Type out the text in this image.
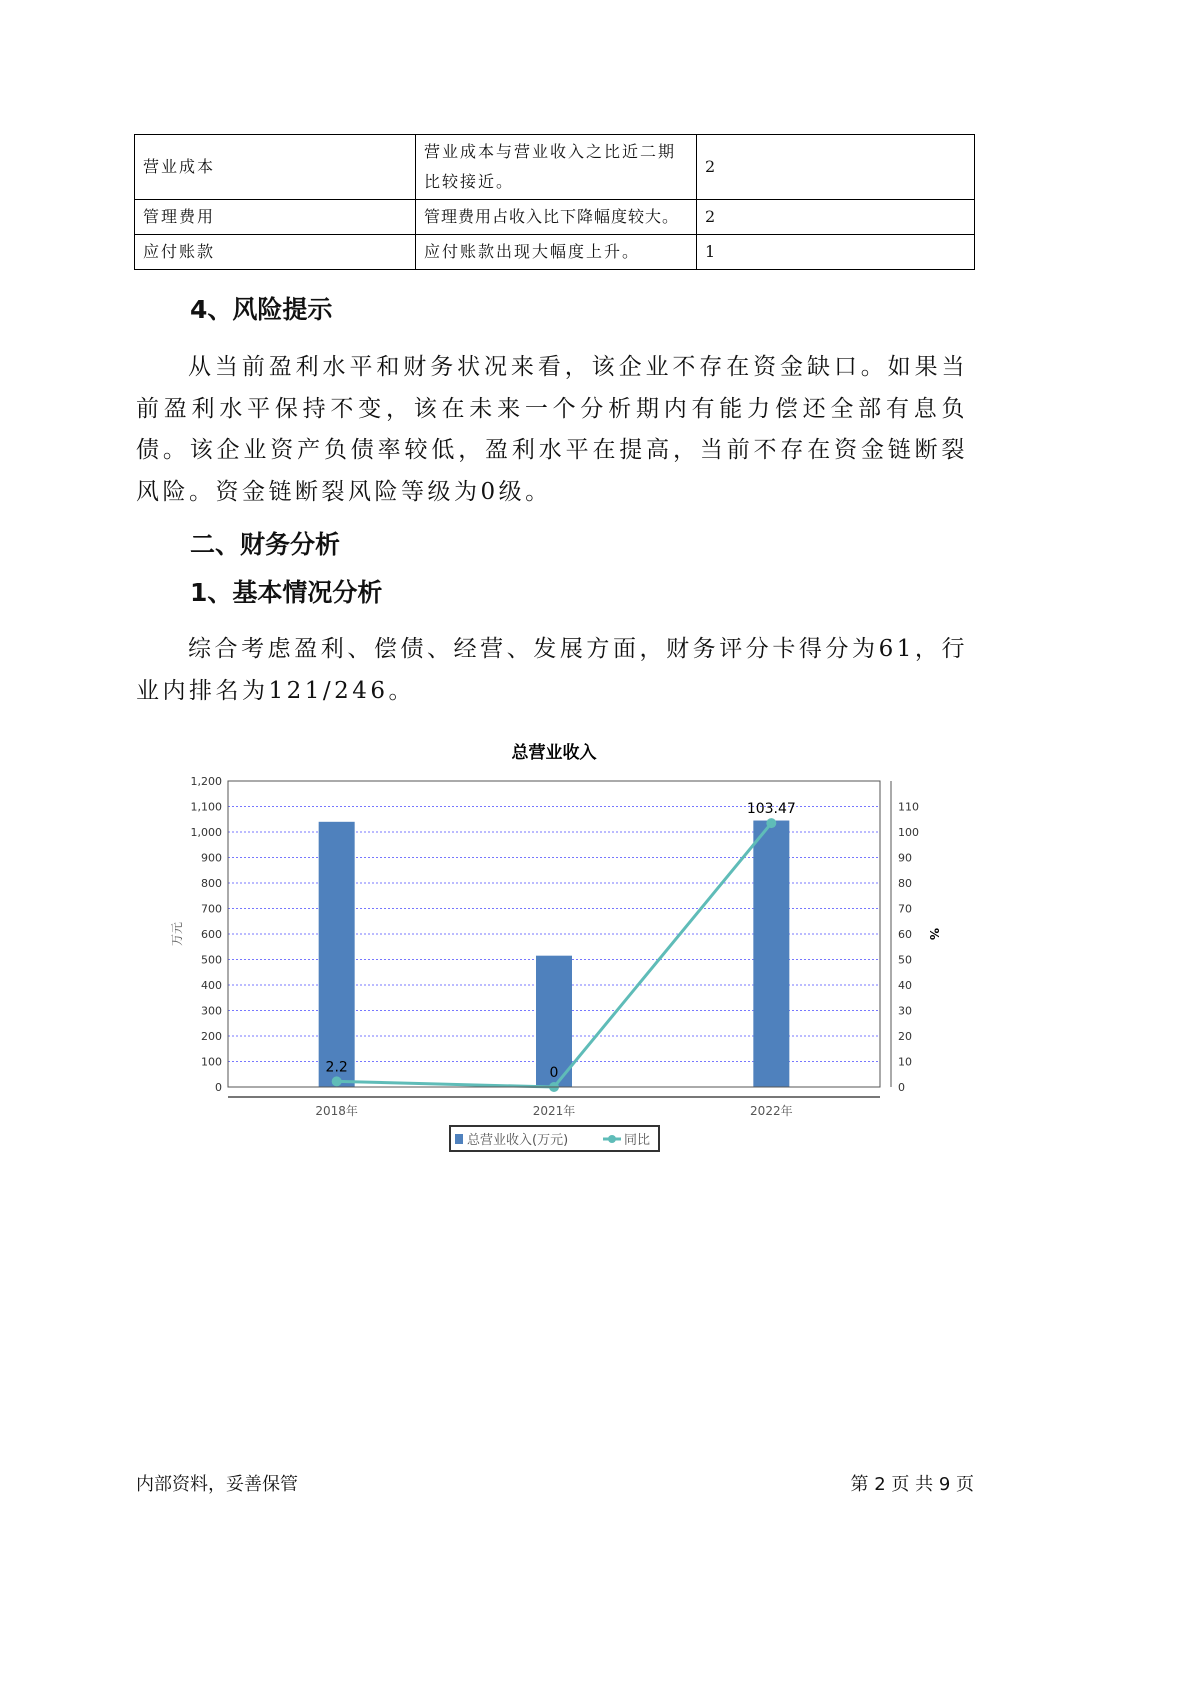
营业成本	营业成本与营业收入之比近二期比较接近。	2
管理费用	管理费用占收入比下降幅度较大。	2
应付账款	应付账款出现大幅度上升。	1
4、风险提示
从当前盈利水平和财务状况来看，该企业不存在资金缺口。如果当前盈利水平保持不变，该在未来一个分析期内有能力偿还全部有息负债。该企业资产负债率较低，盈利水平在提高，当前不存在资金链断裂风险。资金链断裂风险等级为0级。
二、财务分析
1、基本情况分析
综合考虑盈利、偿债、经营、发展方面，财务评分卡得分为61，行业内排名为121/246。
总营业收入
万元	%
2.2	0
103.47
0
100
200
300
400
500
600
700
800
900
1,000
1,100
1,200
0
10
20
30
40
50
60
70
80
90
100
110
2018年	2021年	2022年
总营业收入(万元)	同比
内部资料，妥善保管	第 2 页 共 9 页
